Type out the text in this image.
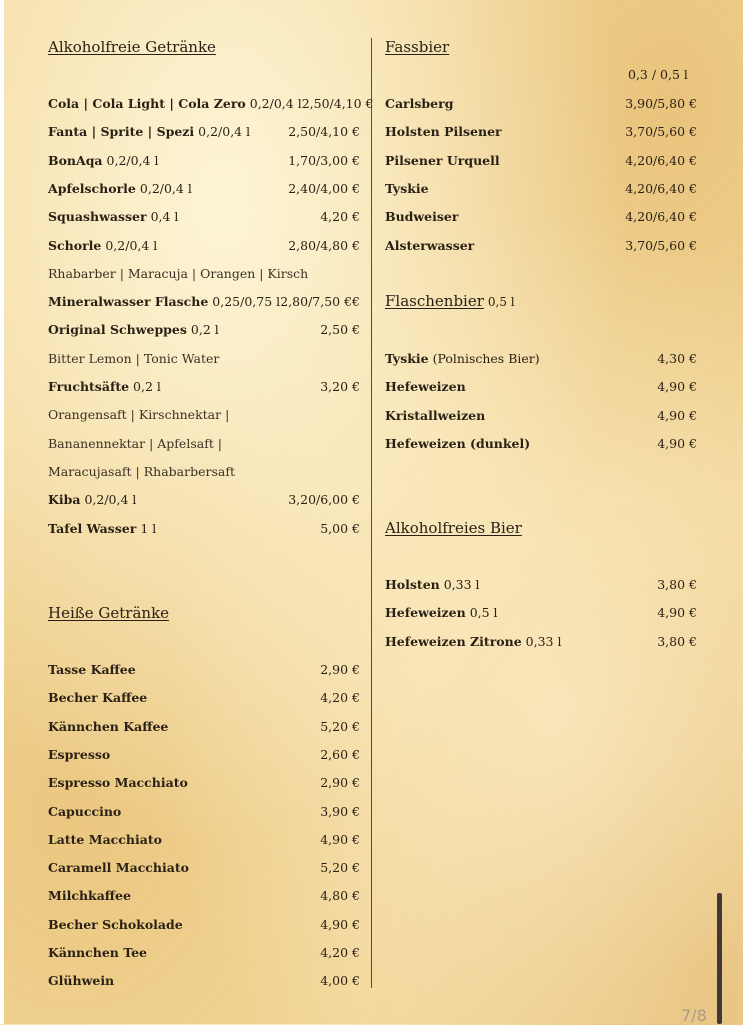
Alkoholfreie Getränke
Cola | Cola Light | Cola Zero 0,2/0,4 l 2,50/4,10 €
Fanta | Sprite | Spezi 0,2/0,4 l	2,50/4,10 €
BonAqa 0,2/0,4 l	1,70/3,00 €
Apfelschorle 0,2/0,4 l	2,40/4,00 €
Squashwasser 0,4 l	4,20 €
Schorle 0,2/0,4 l	2,80/4,80 €
Rhabarber | Maracuja | Orangen | Kirsch
Mineralwasser Flasche 0,25/0,75 l 2,80/7,50 €€
Original Schweppes 0,2 l	2,50 €
Bitter Lemon | Tonic Water
Fruchtsäfte 0,2 l	3,20 €
Orangensaft | Kirschnektar |
Bananennektar | Apfelsaft |
Maracujasaft | Rhabarbersaft
Kiba 0,2/0,4 l	3,20/6,00 €
Tafel Wasser 1 l	5,00 €
Heiße Getränke
Tasse Kaffee	2,90 €
Becher Kaffee	4,20 €
Kännchen Kaffee	5,20 €
Espresso	2,60 €
Espresso Macchiato	2,90 €
Capuccino	3,90 €
Latte Macchiato	4,90 €
Caramell Macchiato	5,20 €
Milchkaffee	4,80 €
Becher Schokolade	4,90 €
Kännchen Tee	4,20 €
Glühwein	4,00 €
Fassbier
0,3 / 0,5 l
Carlsberg	3,90/5,80 €
Holsten Pilsener	3,70/5,60 €
Pilsener Urquell	4,20/6,40 €
Tyskie	4,20/6,40 €
Budweiser	4,20/6,40 €
Alsterwasser	3,70/5,60 €
Flaschenbier 0,5 l
Tyskie (Polnisches Bier)	4,30 €
Hefeweizen	4,90 €
Kristallweizen	4,90 €
Hefeweizen (dunkel)	4,90 €
Alkoholfreies Bier
Holsten 0,33 l	3,80 €
Hefeweizen 0,5 l	4,90 €
Hefeweizen Zitrone 0,33 l	3,80 €
7/8
